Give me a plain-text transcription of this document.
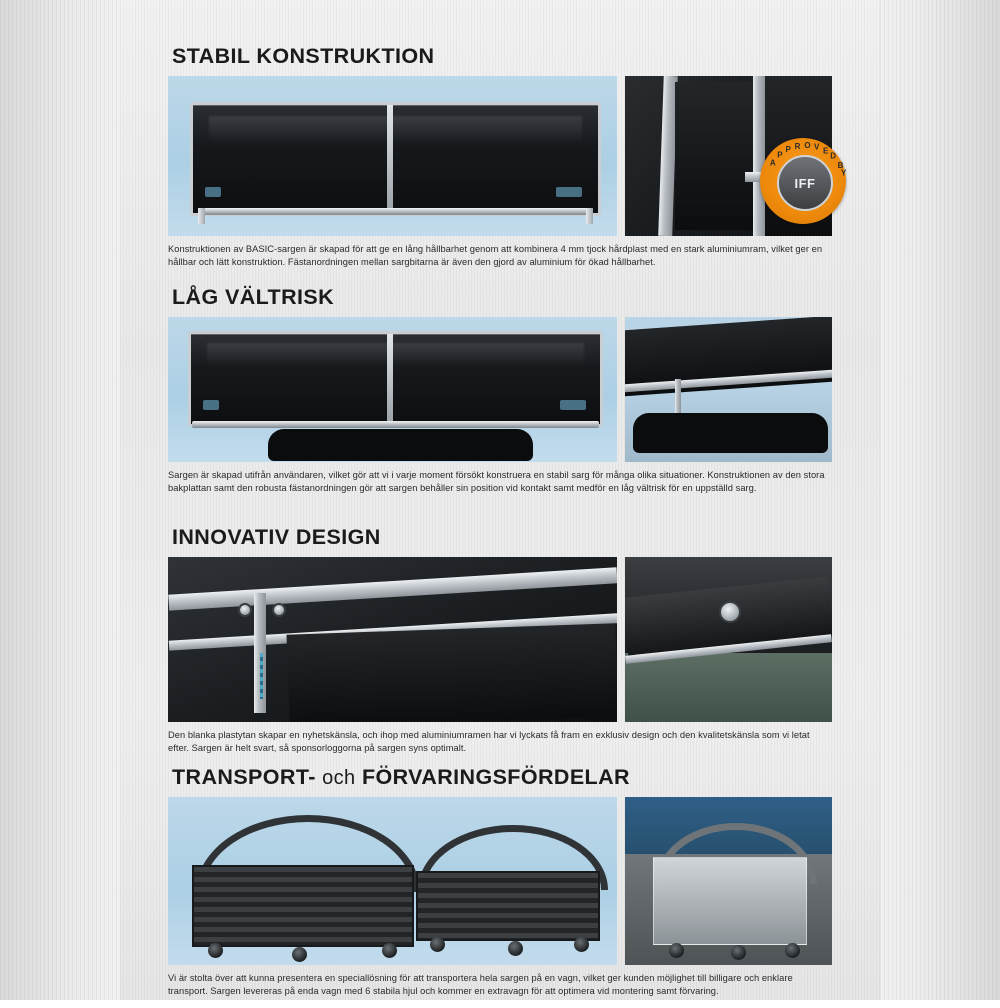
STABIL KONSTRUKTION
A
P
P R O V E
D
B
Y
IFF

Konstruktionen av BASIC-sargen är skapad för att ge en lång hållbarhet genom att kombinera 4 mm tjock hårdplast med en stark aluminiumram, vilket ger en hållbar och lätt konstruktion. Fästanordningen mellan sargbitarna är även den gjord av aluminium för ökad hållbarhet.

LÅG VÄLTRISK

Sargen är skapad utifrån användaren, vilket gör att vi i varje moment försökt konstruera en stabil sarg för många olika situationer. Konstruktionen av den stora bakplattan samt den robusta fästanordningen gör att sargen behåller sin position vid kontakt samt medför en låg vältrisk för en uppställd sarg.

INNOVATIV DESIGN

Den blanka plastytan skapar en nyhetskänsla, och ihop med aluminiumramen har vi lyckats få fram en exklusiv design och den kvalitetskänsla som vi letat efter. Sargen är helt svart, så sponsorloggorna på sargen syns optimalt.

TRANSPORT- och FÖRVARINGSFÖRDELAR

Vi är stolta över att kunna presentera en speciallösning för att transportera hela sargen på en vagn, vilket ger kunden möjlighet till billigare och enklare transport. Sargen levereras på enda vagn med 6 stabila hjul och kommer en extravagn för att optimera vid montering samt förvaring.
